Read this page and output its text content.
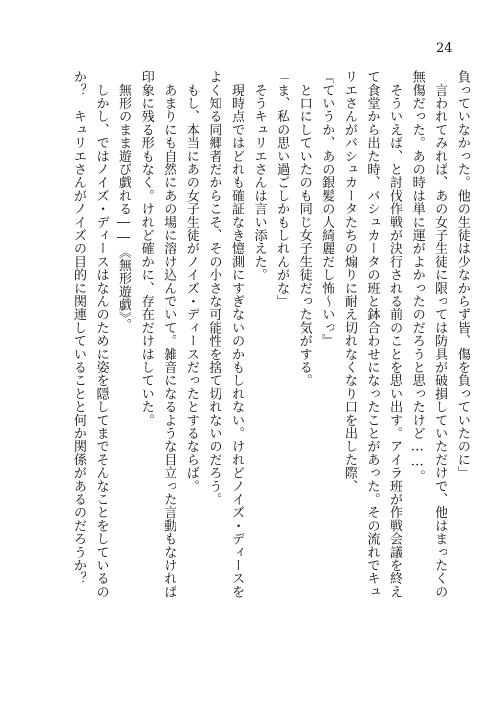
24
負っていなかった。他の生徒は少なからず皆、傷を負っていたのに」
　言われてみれば、あの女子生徒に限っては防具が破損していただけで、他はまったくの
無傷だった。あの時は単に運がよかったのだろうと思ったけど……。
　そういえば、と討伐作戦が決行される前のことを思い出す。アイラ班が作戦会議を終え
て食堂から出た時、バシュカータの班と鉢合わせになったことがあった。その流れでキュ
リエさんがバシュカータたちの煽りに耐え切れなくなり口を出した際、
『ていうか、あの銀髪の人綺麗だし怖～いっ』
　と口にしていたのも同じ女子生徒だった気がする。
「ま、私の思い過ごしかもしれんがな」
　そうキュリエさんは言い添えた。
　現時点ではどれも確証なき憶測にすぎないのかもしれない。けれどノイズ・ディースを
よく知る同郷者だからこそ、その小さな可能性を捨て切れないのだろう。
　もし、本当にあの女子生徒がノイズ・ディースだったとするならば。
　あまりにも自然にあの場に溶け込んでいて。雑音になるような目立った言動もなければ
印象に残る形もなく。けれど確かに、存在だけはしていた。
　無形のまま遊び戯れる――《無形遊戯》。
　しかし、ではノイズ・ディースはなんのために姿を隠してまでそんなことをしているの
か？　キュリエさんがノイズの目的に関連していることと何か関係があるのだろうか？
